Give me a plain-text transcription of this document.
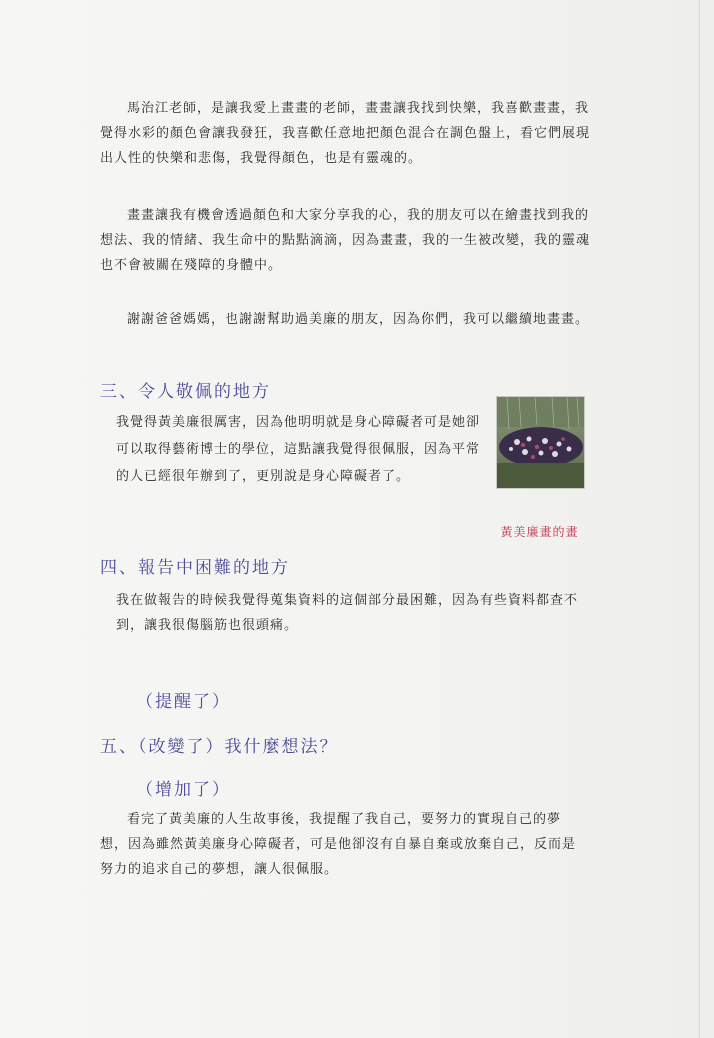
馬治江老師，是讓我愛上畫畫的老師，畫畫讓我找到快樂，我喜歡畫畫，我覺得水彩的顏色會讓我發狂，我喜歡任意地把顏色混合在調色盤上，看它們展現出人性的快樂和悲傷，我覺得顏色，也是有靈魂的。

畫畫讓我有機會透過顏色和大家分享我的心，我的朋友可以在繪畫找到我的想法、我的情緒、我生命中的點點滴滴，因為畫畫，我的一生被改變，我的靈魂也不會被關在殘障的身體中。

謝謝爸爸媽媽，也謝謝幫助過美廉的朋友，因為你們，我可以繼續地畫畫。

三、令人敬佩的地方

我覺得黃美廉很厲害，因為他明明就是身心障礙者可是她卻可以取得藝術博士的學位，這點讓我覺得很佩服，因為平常的人已經很年辦到了，更別說是身心障礙者了。

黃美廉畫的畫
四、報告中困難的地方

我在做報告的時候我覺得蒐集資料的這個部分最困難，因為有些資料都查不到，讓我很傷腦筋也很頭痛。

（提醒了）
五、（改變了）我什麼想法？
（增加了）

看完了黃美廉的人生故事後，我提醒了我自己，要努力的實現自己的夢想，因為雖然黃美廉身心障礙者，可是他卻沒有自暴自棄或放棄自己，反而是努力的追求自己的夢想，讓人很佩服。
